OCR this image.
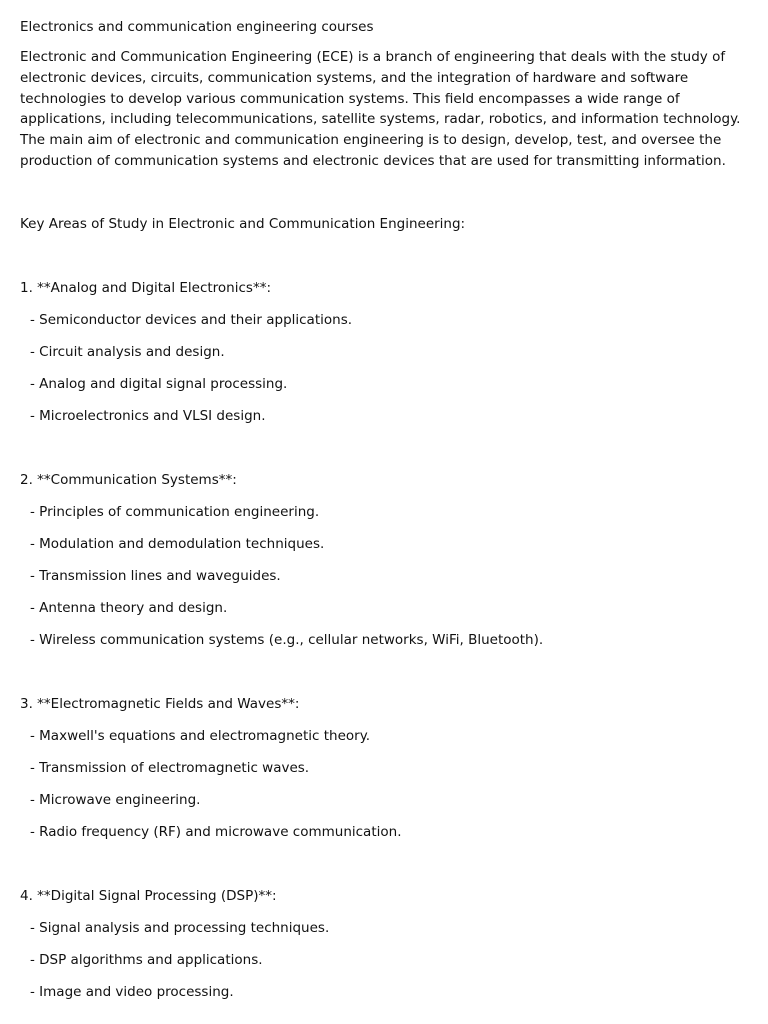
Electronics and communication engineering courses

Electronic and Communication Engineering (ECE) is a branch of engineering that deals with the study of electronic devices, circuits, communication systems, and the integration of hardware and software technologies to develop various communication systems. This field encompasses a wide range of applications, including telecommunications, satellite systems, radar, robotics, and information technology. The main aim of electronic and communication engineering is to design, develop, test, and oversee the production of communication systems and electronic devices that are used for transmitting information.

Key Areas of Study in Electronic and Communication Engineering:

1. **Analog and Digital Electronics**:

- Semiconductor devices and their applications.
- Circuit analysis and design.
- Analog and digital signal processing.
- Microelectronics and VLSI design.

2. **Communication Systems**:

- Principles of communication engineering.
- Modulation and demodulation techniques.
- Transmission lines and waveguides.
- Antenna theory and design.
- Wireless communication systems (e.g., cellular networks, WiFi, Bluetooth).

3. **Electromagnetic Fields and Waves**:

- Maxwell's equations and electromagnetic theory.
- Transmission of electromagnetic waves.
- Microwave engineering.
- Radio frequency (RF) and microwave communication.

4. **Digital Signal Processing (DSP)**:

- Signal analysis and processing techniques.
- DSP algorithms and applications.
- Image and video processing.
